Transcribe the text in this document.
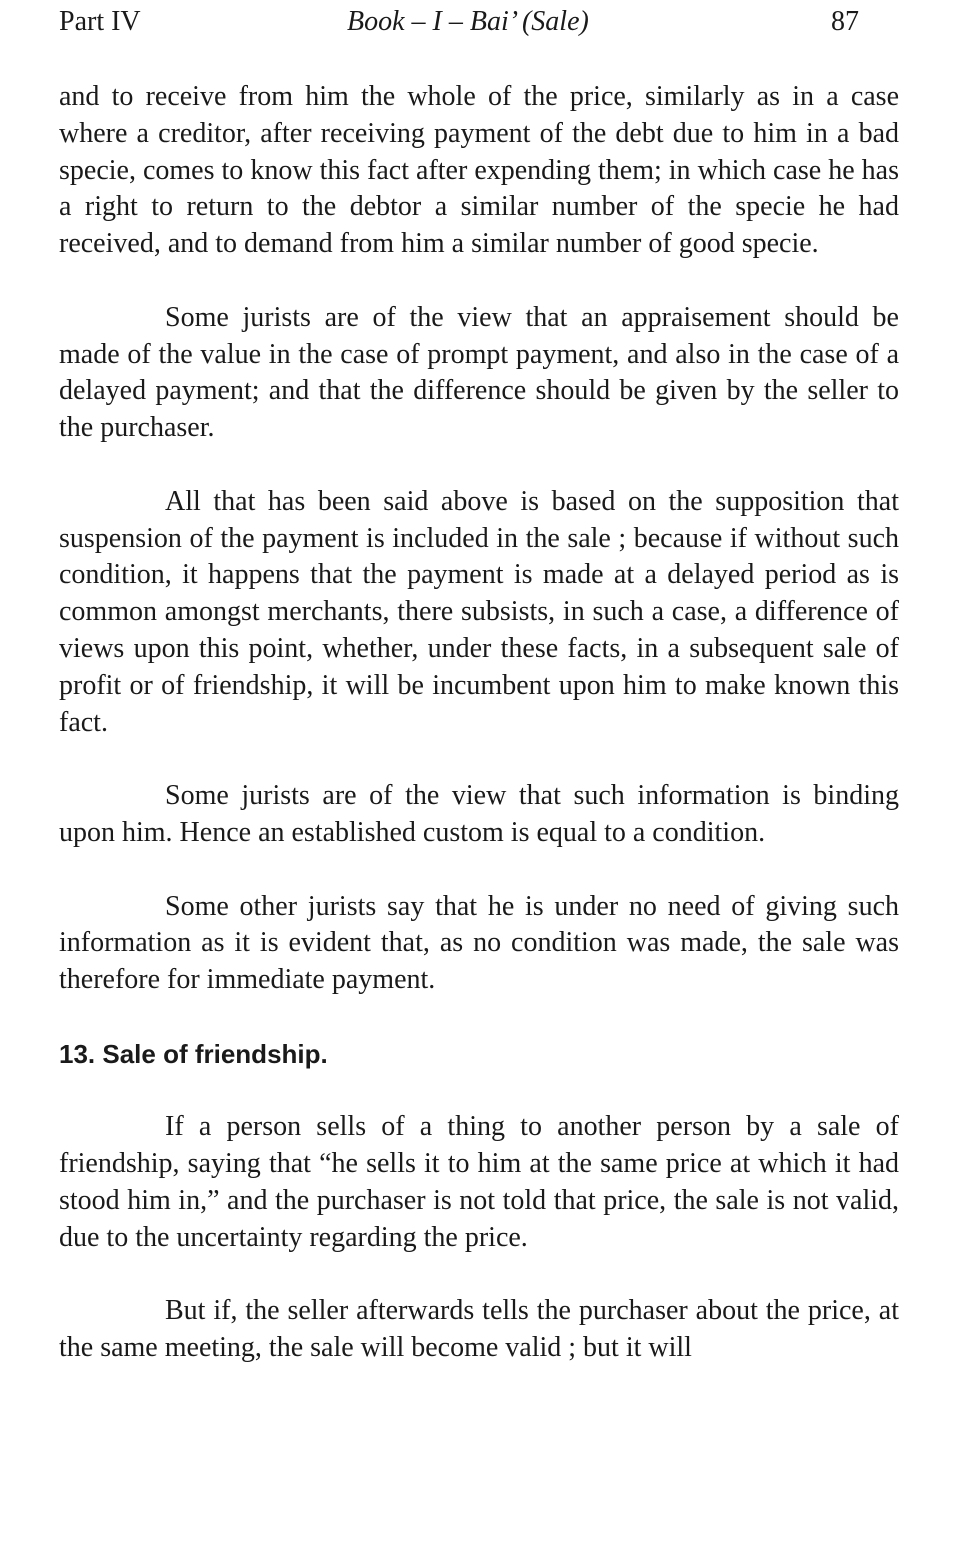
Part IV	Book – I – Bai’ (Sale)	87

and to receive from him the whole of the price, similarly as in a case where a creditor, after receiving payment of the debt due to him in a bad specie, comes to know this fact after expending them; in which case he has a right to return to the debtor a similar number of the specie he had received, and to demand from him a similar number of good specie.

Some jurists are of the view that an appraisement should be made of the value in the case of prompt payment, and also in the case of a delayed payment; and that the difference should be given by the seller to the purchaser.

All that has been said above is based on the supposition that suspension of the payment is included in the sale ; because if without such condition, it happens that the payment is made at a delayed period as is common amongst merchants, there subsists, in such a case, a difference of views upon this point, whether, under these facts, in a subsequent sale of profit or of friendship, it will be incumbent upon him to make known this fact.

Some jurists are of the view that such information is binding upon him. Hence an established custom is equal to a condition.

Some other jurists say that he is under no need of giving such information as it is evident that, as no condition was made, the sale was therefore for immediate payment.

13. Sale of friendship.

If a person sells of a thing to another person by a sale of friendship, saying that “he sells it to him at the same price at which it had stood him in,” and the purchaser is not told that price, the sale is not valid, due to the uncertainty regarding the price.

But if, the seller afterwards tells the purchaser about the price, at the same meeting, the sale will become valid ; but it will
